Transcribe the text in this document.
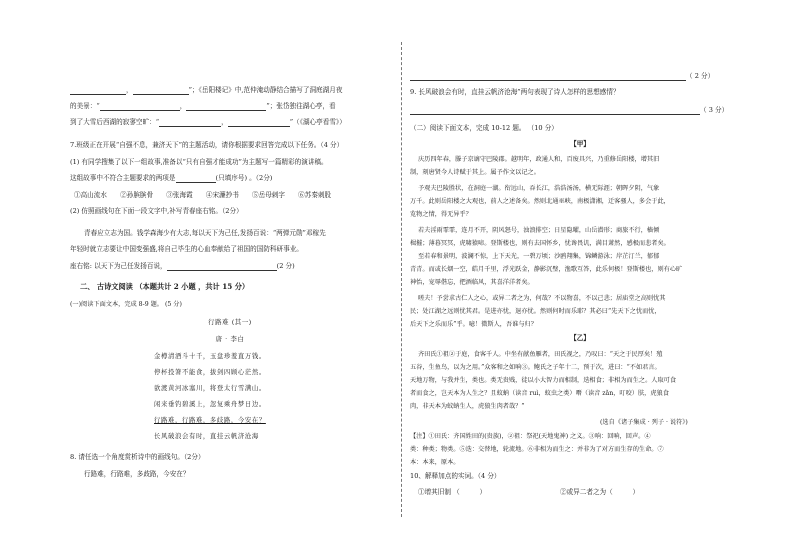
，	”；《岳阳楼记》中,范仲淹动静结合描写了洞庭湖月夜
的美景：“	，	”；张岱独往湖心亭，看
到了大雪后西湖的寂寥空旷：“	，	”（《湖心亭看雪》）
7.班级正在开展“自强不息，兼济天下”的主题活动，请你根据要求回答完成以下任务。（4 分）
(1) 有同学搜集了以下一组故事,准备以“只有自强才能成功”为主题写一篇精彩的演讲稿。
这组故事中不符合主题要求的两项是	(只填序号) 。（2分)
①高山流水　　②孙膑膑骨　　③张海霞　　④宋濂抄书　　⑤岳母刺字　　⑥苏秦刺股
(2) 仿照画线句在下面一段文字中,补写青春座右铭。（2分）
青春应立志为国。钱学森海少有大志,每以天下为己任,发扬百说：“两弹元勋”邓稼先
年轻时就立志要让中国变强盛,将自己毕生的心血奉献给了祖国的国防科研事业。
座右铭: 以天下为己任发扬百说，	(2 分)
二、 古诗文阅读 （本题共计 2 小题 ，共计 15 分）
(一)阅读下面文本，完成 8-9 题。 (5 分)
行路难 (其一)
唐 · 李白
金樽清酒斗十千，玉盘珍羞直万钱。
停杯投箸不能食，拔剑四顾心茫然。
欲渡黄河冰塞川，将登太行雪满山。
闲来垂钓碧溪上，忽复乘舟梦日边。
行路难，行路难，多歧路，今安在？
长风破浪会有时，直挂云帆济沧海
8. 请任选一个角度赏析诗中的画线句。（2分）
行路难，行路难，多歧路，今安在？
（ 2 分）
9. 长风破浪会有时，直挂云帆济沧海”两句表现了诗人怎样的思想感情？
（ 3 分）
（二）阅读下面文本，完成 10-12 题。 （10 分）
【甲】
庆历四年春，滕子京谪守巴陵郡。越明年，政通人和，百废具兴，乃重修岳阳楼，增其旧
制，刻唐贤今人诗赋于其上。属予作文以记之。
予观夫巴陵胜状，在洞庭一湖。衔远山，吞长江，浩浩汤汤，横无际涯；朝晖夕阴，气象
万千。此则岳阳楼之大观也，前人之述备矣。然则北通巫峡，南极潇湘，迁客骚人，多会于此，
览物之情，得无异乎？
若夫淫雨霏霏，连月不开，阴风怒号，浊浪排空；日星隐曜，山岳潜形；商旅不行，樯倾
楫摧；薄暮冥冥，虎啸猿啼。登斯楼也，则有去国怀乡，忧谗畏讥，满目萧然，感极而悲者矣。
至若春和景明，波澜不惊，上下天光，一碧万顷；沙鸥翔集，锦鳞游泳；岸芷汀兰，郁郁
青青。而或长烟一空，皓月千里，浮光跃金，静影沉璧，渔歌互答，此乐何极！登斯楼也，则有心旷
神怡，宠辱偕忘，把酒临风，其喜洋洋者矣。
嗟夫！予尝求古仁人之心，或异二者之为，何哉？不以物喜，不以己悲；居庙堂之高则忧其
民；处江湖之远则忧其君。是进亦忧，退亦忧。然则何时而乐耶？其必曰“先天下之忧而忧，
后天下之乐而乐”乎。噫！微斯人，吾谁与归？
【乙】
齐田氏①祖②于庭，食客千人。中坐有献鱼雁者，田氏视之，乃叹曰：“天之于民厚矣！殖
五谷，生鱼鸟，以为之用。”众客和之如响③。鲍氏之子年十二，预于次，进曰：“不如君言。
天地万物，与我并生，类也。类无贵贱，徒以小大智力而相制，迭相食；非相为而生之。人取可食
者而食之，岂天本为人生之？且蚊蚋（读音 ruì，蚊虫之类）噆（读音 zǎn，叮咬）肤，虎狼食
肉，非天本为蚊蚋生人，虎狼生肉者哉？”
(选自《诸子集成 · 列子 · 说符》)
【注】①田氏：齐国姓田的(贵族)，②祖：祭祀(天地鬼神) 之义。③响：回响，回声。④
类：种类；物类。⑤迭：交替地，轮流地。⑥非相为而生之：并非为了对方而生存的生命。⑦
本：本来，原本。
10、解释加点的实词。（4 分）
①增其旧制 （　　　）	②或异二者之为（　　　）
